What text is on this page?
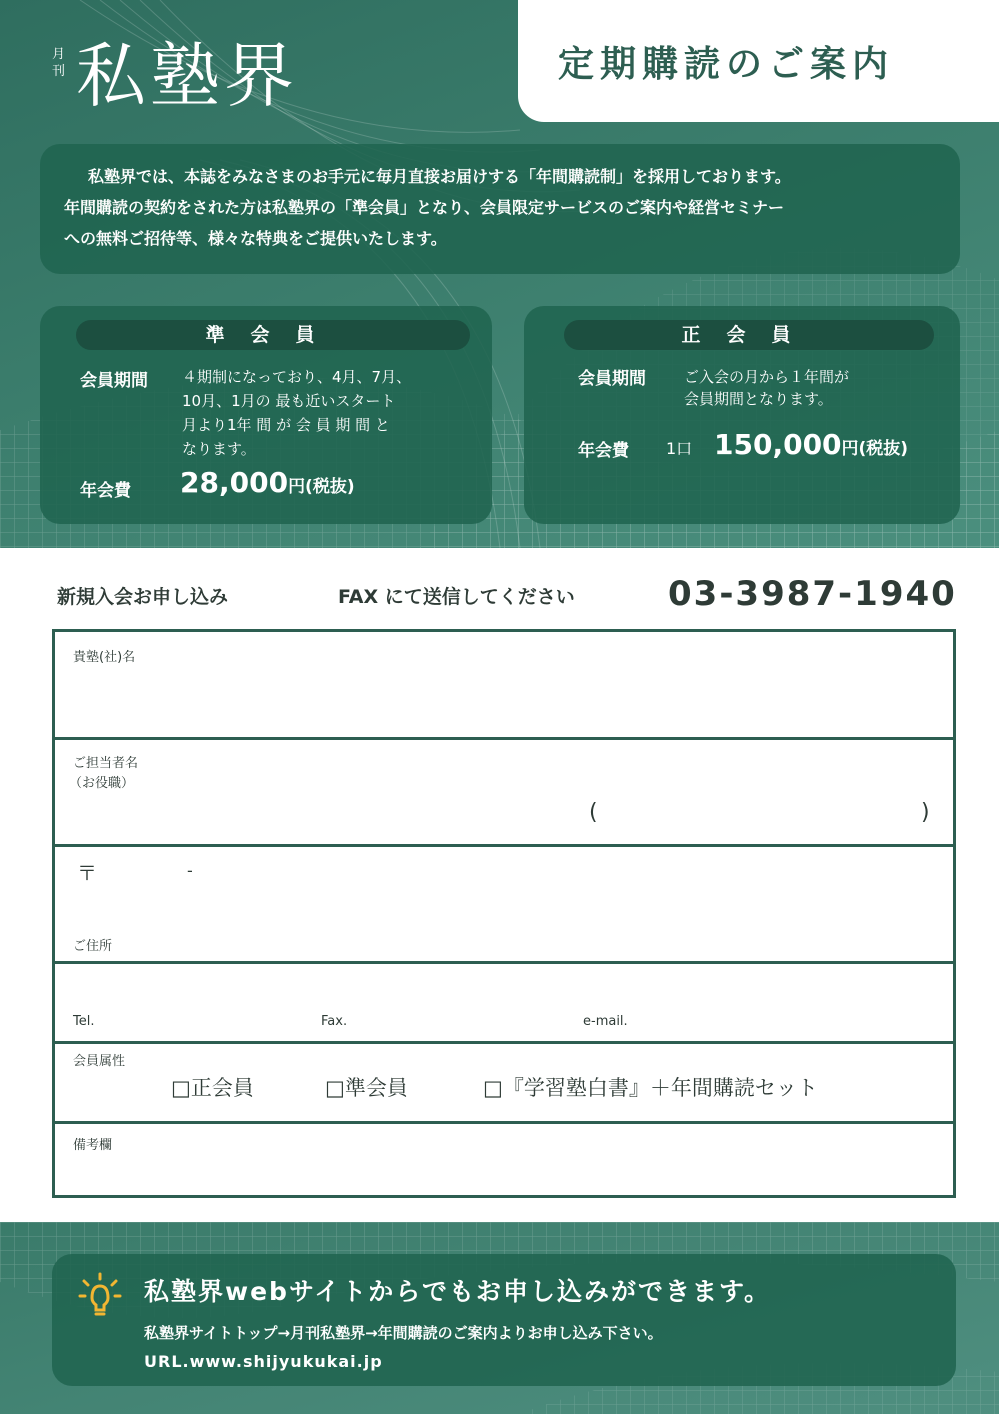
月刊 私塾界	定期購読のご案内

私塾界では、本誌をみなさまのお手元に毎月直接お届けする「年間購読制」を採用しております。

年間購読の契約をされた方は私塾界の「準会員」となり、会員限定サービスのご案内や経営セミナー

への無料ご招待等、様々な特典をご提供いたします。

準会員
会員期間 ４期制になっており、4月、7月、
10月、1月の 最も近いスタート
月より1年 間 が 会 員 期 間 と
なります。
年会費 28,000円(税抜)
正会員
会員期間	ご入会の月から１年間が
会員期間となります。
年会費 1口 150,000円(税抜)
新規入会お申し込み	FAX にて送信してください	03-3987-1940
貴塾(社)名
ご担当者名
（お役職）
(	)
〒	-
ご住所
Tel.	Fax.	e-mail.
会員属性
□正会員	□準会員	□『学習塾白書』＋年間購読セット
備考欄
私塾界webサイトからでもお申し込みができます。
私塾界サイトトップ→月刊私塾界→年間購読のご案内よりお申し込み下さい。
URL.www.shijyukukai.jp
